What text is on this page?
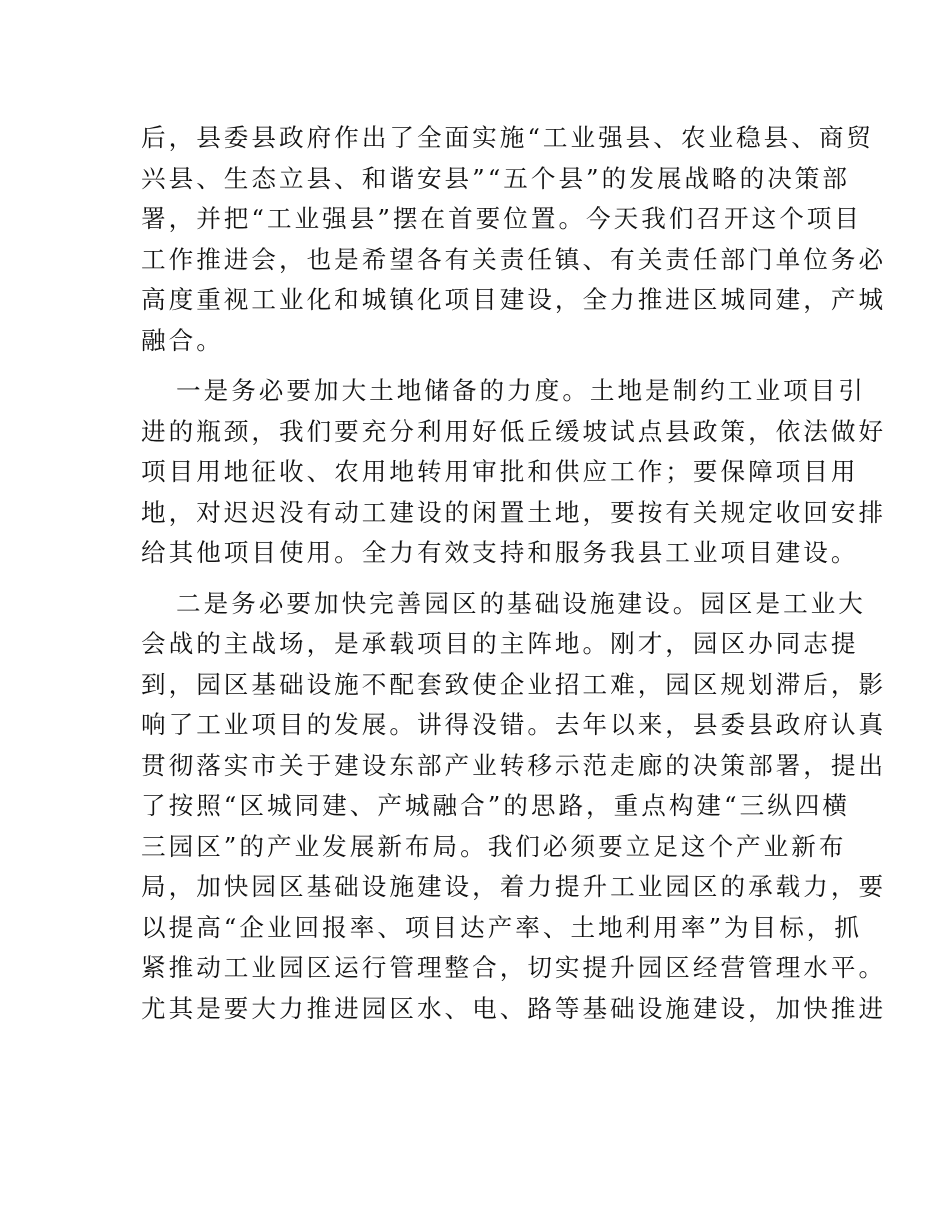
后，县委县政府作出了全面实施“工业强县、农业稳县、商贸
兴县、生态立县、和谐安县”“五个县”的发展战略的决策部
署，并把“工业强县”摆在首要位置。今天我们召开这个项目
工作推进会，也是希望各有关责任镇、有关责任部门单位务必
高度重视工业化和城镇化项目建设，全力推进区城同建，产城
融合。

一是务必要加大土地储备的力度。土地是制约工业项目引
进的瓶颈，我们要充分利用好低丘缓坡试点县政策，依法做好
项目用地征收、农用地转用审批和供应工作；要保障项目用
地，对迟迟没有动工建设的闲置土地，要按有关规定收回安排
给其他项目使用。全力有效支持和服务我县工业项目建设。

二是务必要加快完善园区的基础设施建设。园区是工业大
会战的主战场，是承载项目的主阵地。刚才，园区办同志提
到，园区基础设施不配套致使企业招工难，园区规划滞后，影
响了工业项目的发展。讲得没错。去年以来，县委县政府认真
贯彻落实市关于建设东部产业转移示范走廊的决策部署，提出
了按照“区城同建、产城融合”的思路，重点构建“三纵四横
三园区”的产业发展新布局。我们必须要立足这个产业新布
局，加快园区基础设施建设，着力提升工业园区的承载力，要
以提高“企业回报率、项目达产率、土地利用率”为目标，抓
紧推动工业园区运行管理整合，切实提升园区经营管理水平。
尤其是要大力推进园区水、电、路等基础设施建设，加快推进
